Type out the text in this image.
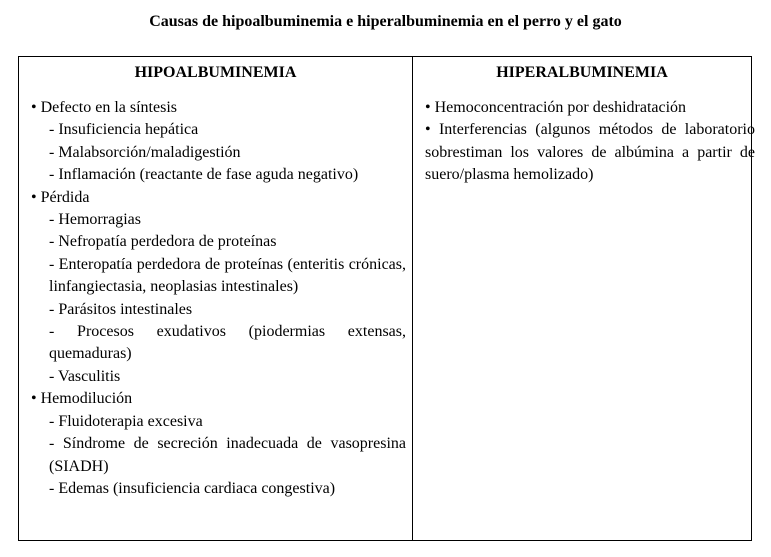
Causas de hipoalbuminemia e hiperalbuminemia en el perro y el gato
HIPOALBUMINEMIA

• Defecto en la síntesis

- Insuficiencia hepática

- Malabsorción/maladigestión

- Inflamación (reactante de fase aguda negativo)

• Pérdida

- Hemorragias

- Nefropatía perdedora de proteínas

- Enteropatía perdedora de proteínas (enteritis crónicas, linfangiectasia, neoplasias intestinales)

- Parásitos intestinales

- Procesos exudativos (piodermias extensas, quemaduras)

- Vasculitis

• Hemodilución

- Fluidoterapia excesiva

- Síndrome de secreción inadecuada de vasopresina (SIADH)

- Edemas (insuficiencia cardiaca congestiva)

HIPERALBUMINEMIA

• Hemoconcentración por deshidratación

• Interferencias (algunos métodos de laboratorio sobrestiman los valores de albúmina a partir de suero/plasma hemolizado)
